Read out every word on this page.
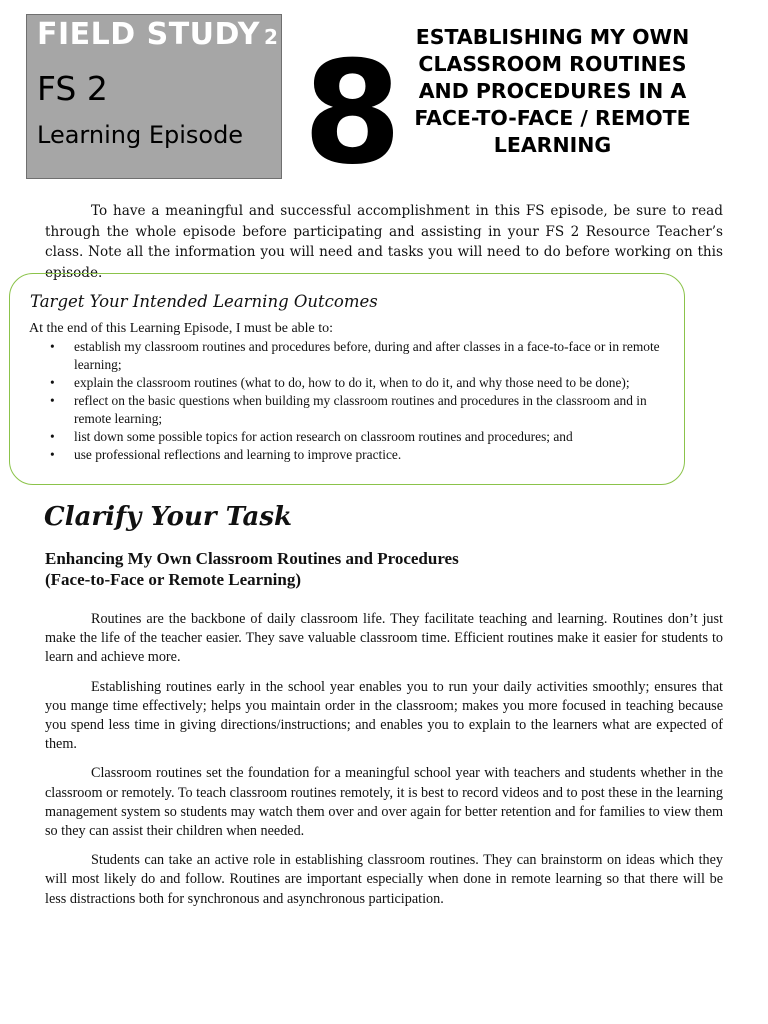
FIELD STUDY 2
FS 2
Learning Episode 8 ESTABLISHING MY OWN CLASSROOM ROUTINES AND PROCEDURES IN A FACE-TO-FACE / REMOTE LEARNING

To have a meaningful and successful accomplishment in this FS episode, be sure to read through the whole episode before participating and assisting in your FS 2 Resource Teacher’s class. Note all the information you will need and tasks you will need to do before working on this episode.

Target Your Intended Learning Outcomes
At the end of this Learning Episode, I must be able to:
• establish my classroom routines and procedures before, during and after classes in a face-to-face or in remote learning;
• explain the classroom routines (what to do, how to do it, when to do it, and why those need to be done);
• reflect on the basic questions when building my classroom routines and procedures in the classroom and in remote learning;
• list down some possible topics for action research on classroom routines and procedures; and
• use professional reflections and learning to improve practice.
Clarify Your Task
Enhancing My Own Classroom Routines and Procedures
(Face-to-Face or Remote Learning)

Routines are the backbone of daily classroom life. They facilitate teaching and learning. Routines don’t just make the life of the teacher easier. They save valuable classroom time. Efficient routines make it easier for students to learn and achieve more.

Establishing routines early in the school year enables you to run your daily activities smoothly; ensures that you mange time effectively; helps you maintain order in the classroom; makes you more focused in teaching because you spend less time in giving directions/instructions; and enables you to explain to the learners what are expected of them.

Classroom routines set the foundation for a meaningful school year with teachers and students whether in the classroom or remotely. To teach classroom routines remotely, it is best to record videos and to post these in the learning management system so students may watch them over and over again for better retention and for families to view them so they can assist their children when needed.

Students can take an active role in establishing classroom routines. They can brainstorm on ideas which they will most likely do and follow. Routines are important especially when done in remote learning so that there will be less distractions both for synchronous and asynchronous participation.
